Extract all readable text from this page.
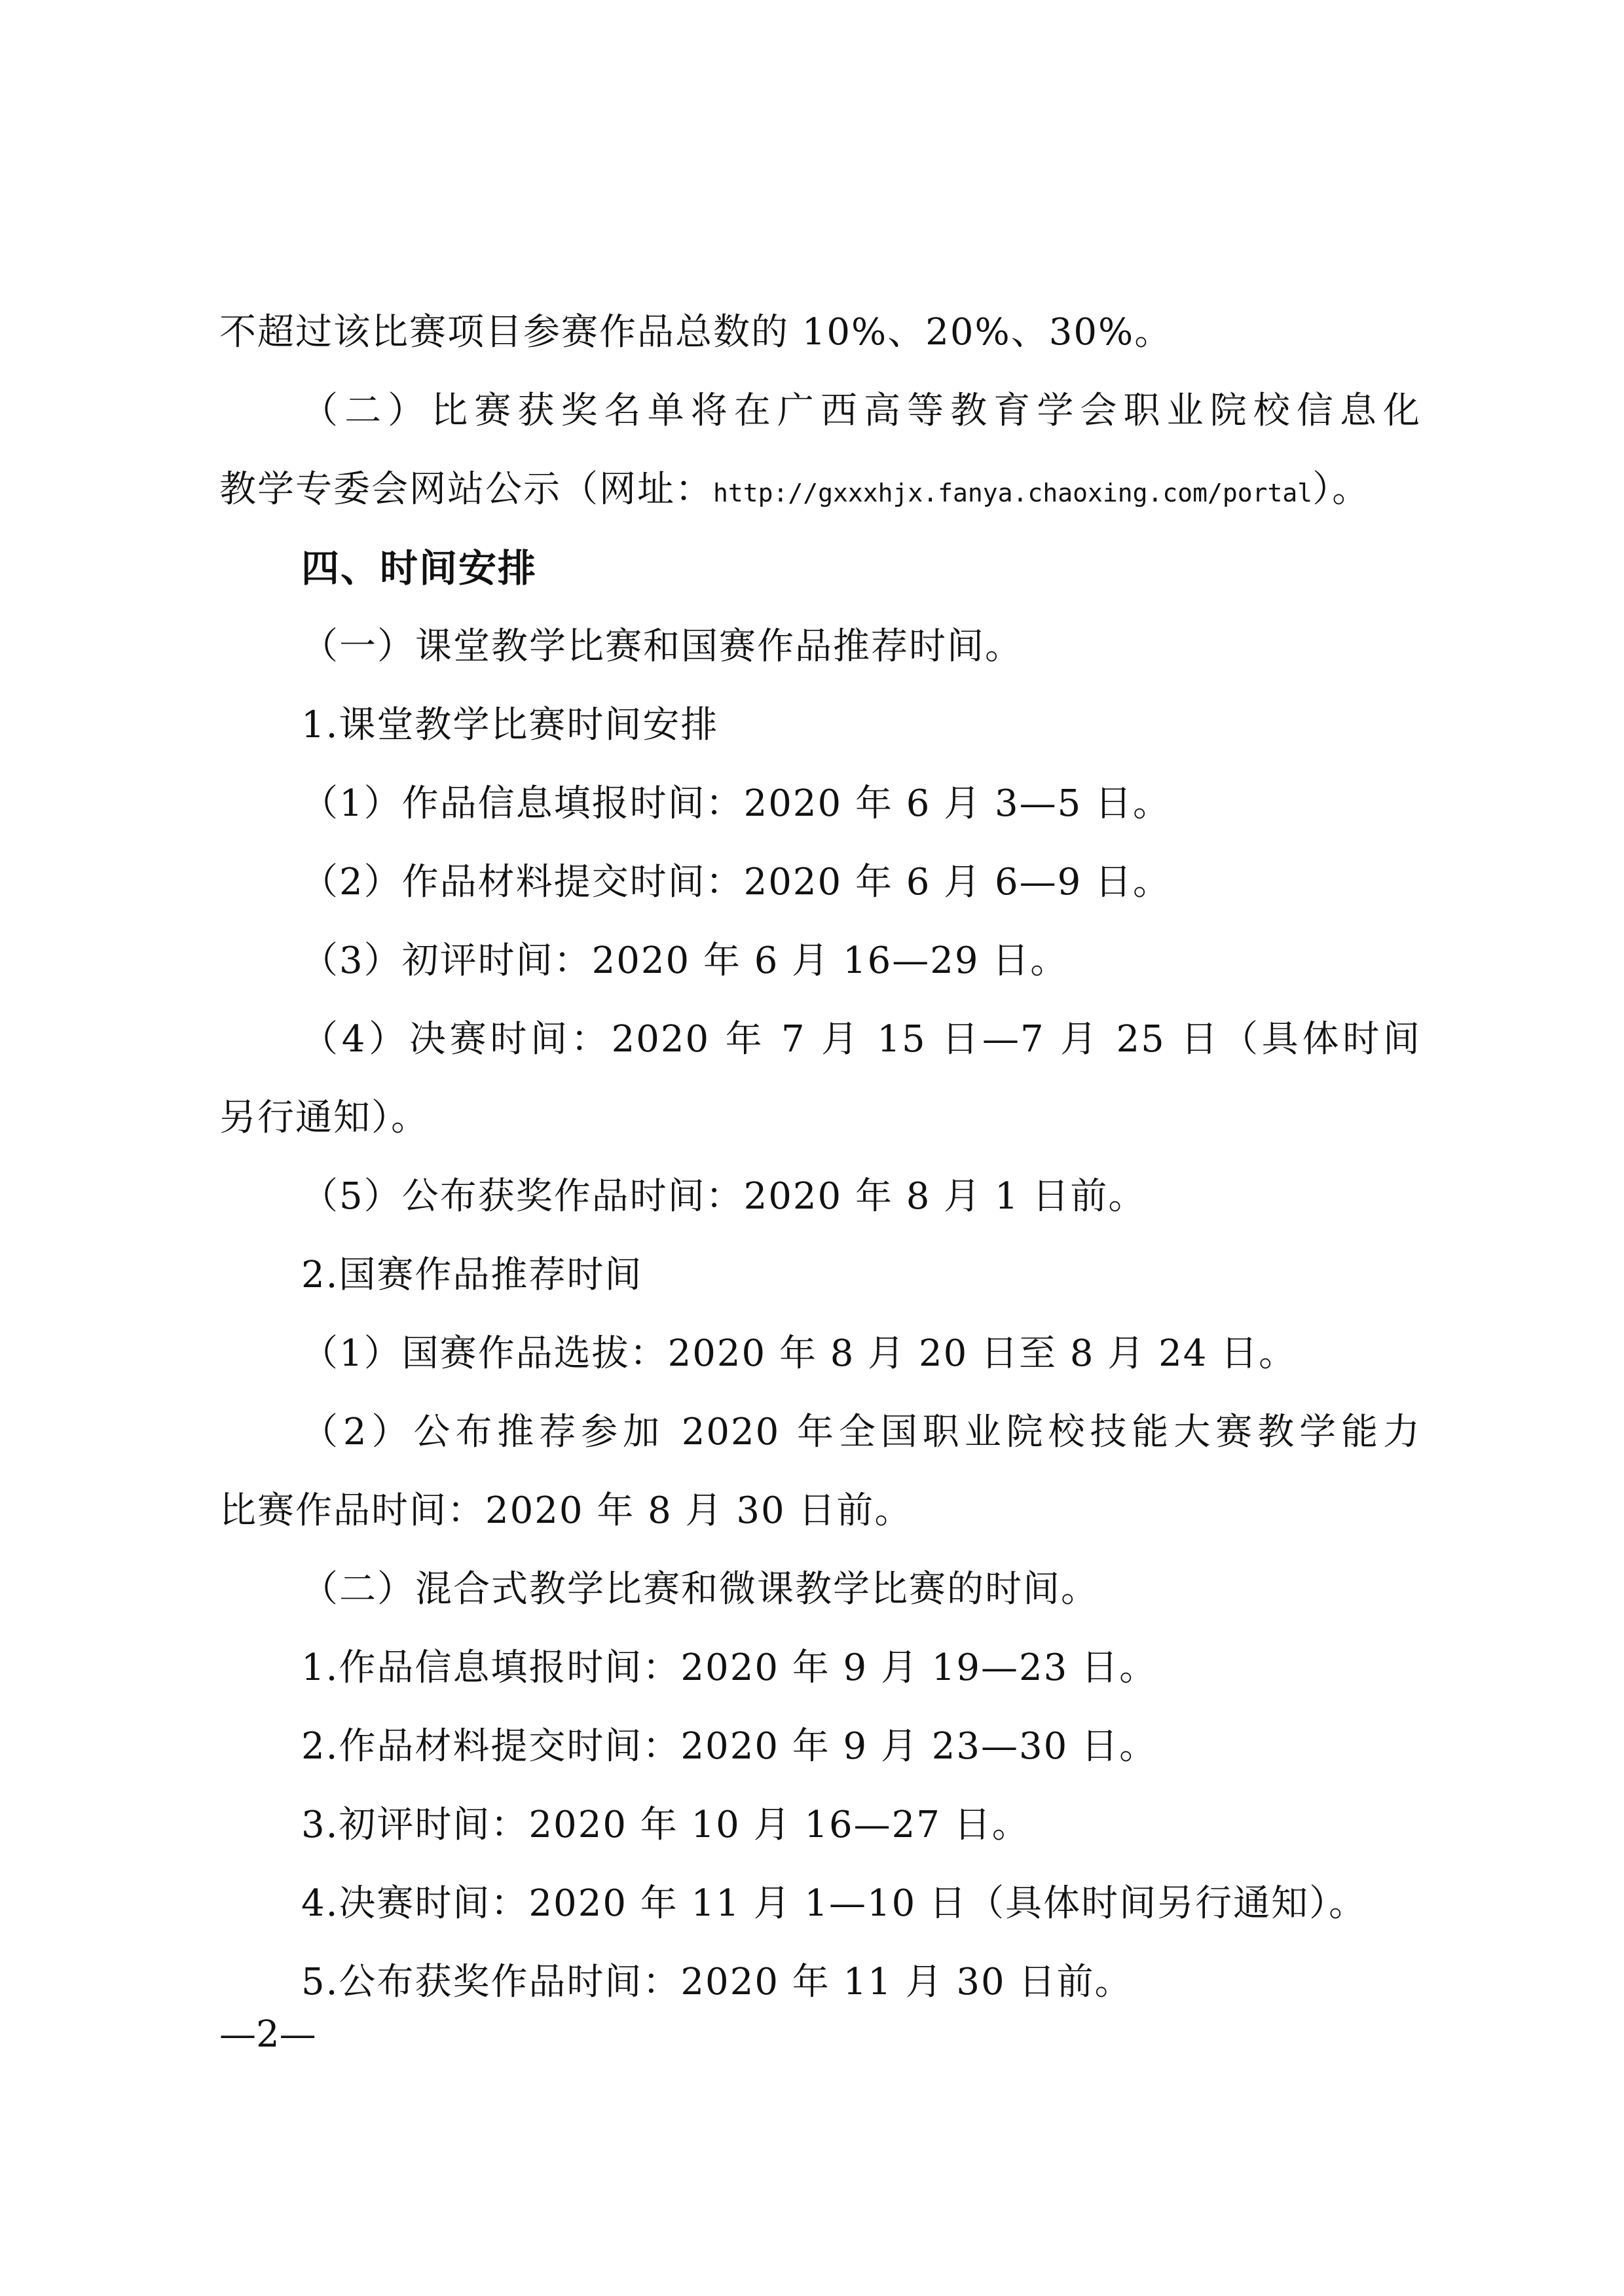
不超过该比赛项目参赛作品总数的 10%、20%、30%。
（二）比赛获奖名单将在广西高等教育学会职业院校信息化
教学专委会网站公示（网址：http://gxxxhjx.fanya.chaoxing.com/portal）。
四、时间安排
（一）课堂教学比赛和国赛作品推荐时间。
1.课堂教学比赛时间安排
（1）作品信息填报时间：2020 年 6 月 3—5 日。
（2）作品材料提交时间：2020 年 6 月 6—9 日。
（3）初评时间：2020 年 6 月 16—29 日。
（4）决赛时间：2020 年 7 月 15 日—7 月 25 日（具体时间
另行通知）。
（5）公布获奖作品时间：2020 年 8 月 1 日前。
2.国赛作品推荐时间
（1）国赛作品选拔：2020 年 8 月 20 日至 8 月 24 日。
（2）公布推荐参加 2020 年全国职业院校技能大赛教学能力
比赛作品时间：2020 年 8 月 30 日前。
（二）混合式教学比赛和微课教学比赛的时间。
1.作品信息填报时间：2020 年 9 月 19—23 日。
2.作品材料提交时间：2020 年 9 月 23—30 日。
3.初评时间：2020 年 10 月 16—27 日。
4.决赛时间：2020 年 11 月 1—10 日（具体时间另行通知）。
5.公布获奖作品时间：2020 年 11 月 30 日前。
—2—
